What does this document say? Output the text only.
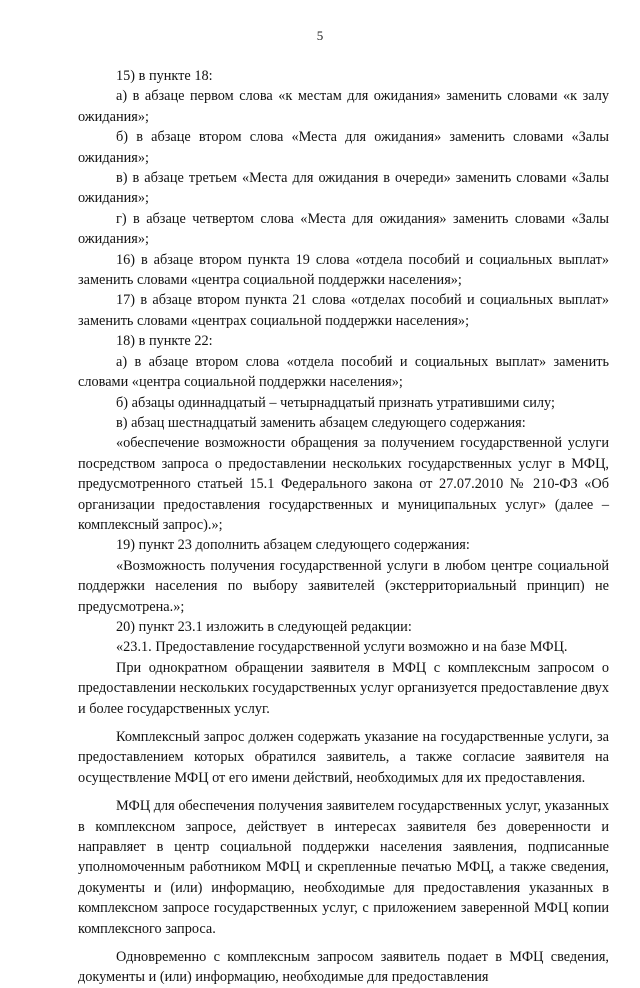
5

15) в пункте 18:

а) в абзаце первом слова «к местам для ожидания» заменить словами «к залу ожидания»;

б) в абзаце втором слова «Места для ожидания» заменить словами «Залы ожидания»;

в) в абзаце третьем «Места для ожидания в очереди» заменить словами «Залы ожидания»;

г) в абзаце четвертом слова «Места для ожидания» заменить словами «Залы ожидания»;

16) в абзаце втором пункта 19 слова «отдела пособий и социальных выплат» заменить словами «центра социальной поддержки населения»;

17) в абзаце втором пункта 21 слова «отделах пособий и социальных выплат» заменить словами «центрах социальной поддержки населения»;

18) в пункте 22:

а) в абзаце втором слова «отдела пособий и социальных выплат» заменить словами «центра социальной поддержки населения»;

б) абзацы одиннадцатый – четырнадцатый признать утратившими силу;

в) абзац шестнадцатый заменить абзацем следующего содержания:

«обеспечение возможности обращения за получением государственной услуги посредством запроса о предоставлении нескольких государственных услуг в МФЦ, предусмотренного статьей 15.1 Федерального закона от 27.07.2010 № 210-ФЗ «Об организации предоставления государственных и муниципальных услуг» (далее – комплексный запрос).»;

19) пункт 23 дополнить абзацем следующего содержания:

«Возможность получения государственной услуги в любом центре социальной поддержки населения по выбору заявителей (экстерриториальный принцип) не предусмотрена.»;

20) пункт 23.1 изложить в следующей редакции:

«23.1. Предоставление государственной услуги возможно и на базе МФЦ.

При однократном обращении заявителя в МФЦ с комплексным запросом о предоставлении нескольких государственных услуг организуется предоставление двух и более государственных услуг.

Комплексный запрос должен содержать указание на государственные услуги, за предоставлением которых обратился заявитель, а также согласие заявителя на осуществление МФЦ от его имени действий, необходимых для их предоставления.

МФЦ для обеспечения получения заявителем государственных услуг, указанных в комплексном запросе, действует в интересах заявителя без доверенности и направляет в центр социальной поддержки населения заявления, подписанные уполномоченным работником МФЦ и скрепленные печатью МФЦ, а также сведения, документы и (или) информацию, необходимые для предоставления указанных в комплексном запросе государственных услуг, с приложением заверенной МФЦ копии комплексного запроса.

Одновременно с комплексным запросом заявитель подает в МФЦ сведения, документы и (или) информацию, необходимые для предоставления
